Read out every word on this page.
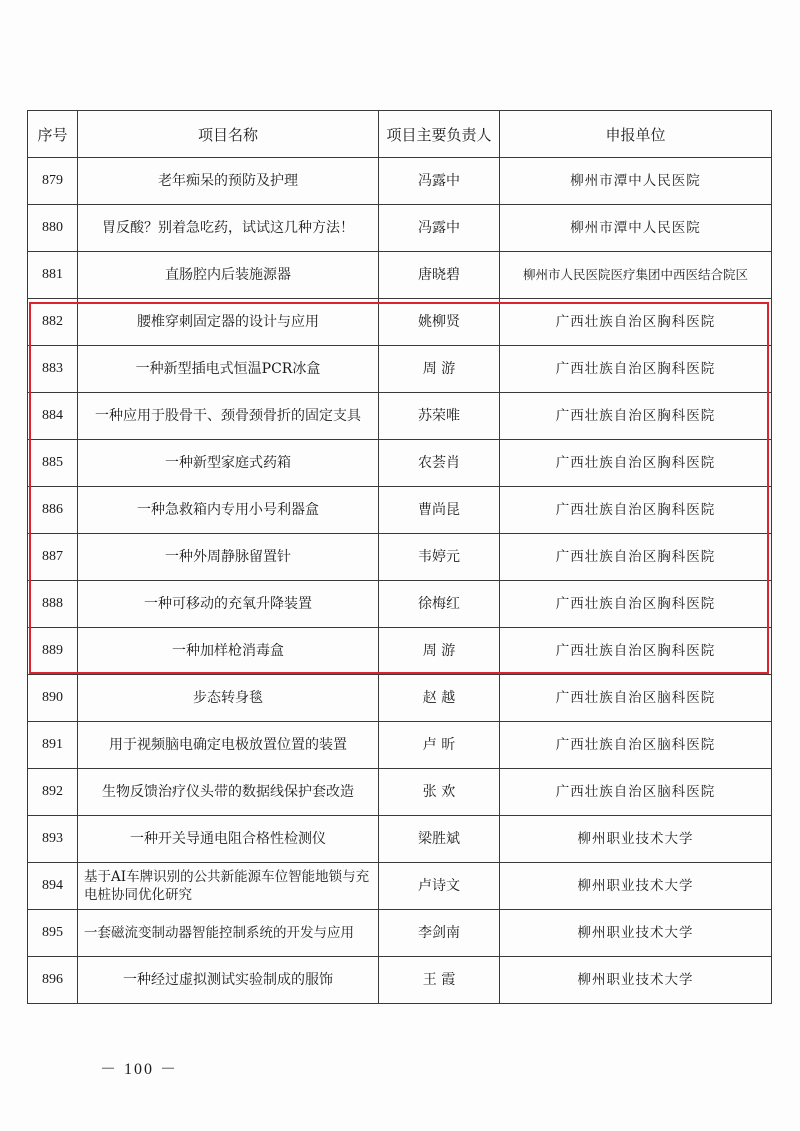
序号	项目名称	项目主要负责人	申报单位
879	老年痴呆的预防及护理	冯露中	柳州市潭中人民医院
880	胃反酸？别着急吃药，试试这几种方法！	冯露中	柳州市潭中人民医院
881	直肠腔内后装施源器	唐晓碧	柳州市人民医院医疗集团中西医结合院区
882	腰椎穿刺固定器的设计与应用	姚柳贤	广西壮族自治区胸科医院
883	一种新型插电式恒温PCR冰盒	周 游	广西壮族自治区胸科医院
884	一种应用于股骨干、颈骨颈骨折的固定支具	苏荣唯	广西壮族自治区胸科医院
885	一种新型家庭式药箱	农荟肖	广西壮族自治区胸科医院
886	一种急救箱内专用小号利器盒	曹尚昆	广西壮族自治区胸科医院
887	一种外周静脉留置针	韦婷元	广西壮族自治区胸科医院
888	一种可移动的充氧升降装置	徐梅红	广西壮族自治区胸科医院
889	一种加样枪消毒盒	周 游	广西壮族自治区胸科医院
890	步态转身毯	赵 越	广西壮族自治区脑科医院
891	用于视频脑电确定电极放置位置的装置	卢 昕	广西壮族自治区脑科医院
892	生物反馈治疗仪头带的数据线保护套改造	张 欢	广西壮族自治区脑科医院
893	一种开关导通电阻合格性检测仪	梁胜斌	柳州职业技术大学
894	基于AI车牌识别的公共新能源车位智能地锁与充电桩协同优化研究	卢诗文	柳州职业技术大学
895	一套磁流变制动器智能控制系统的开发与应用	李剑南	柳州职业技术大学
896	一种经过虚拟测试实验制成的服饰	王 霞	柳州职业技术大学
－ 100 －
